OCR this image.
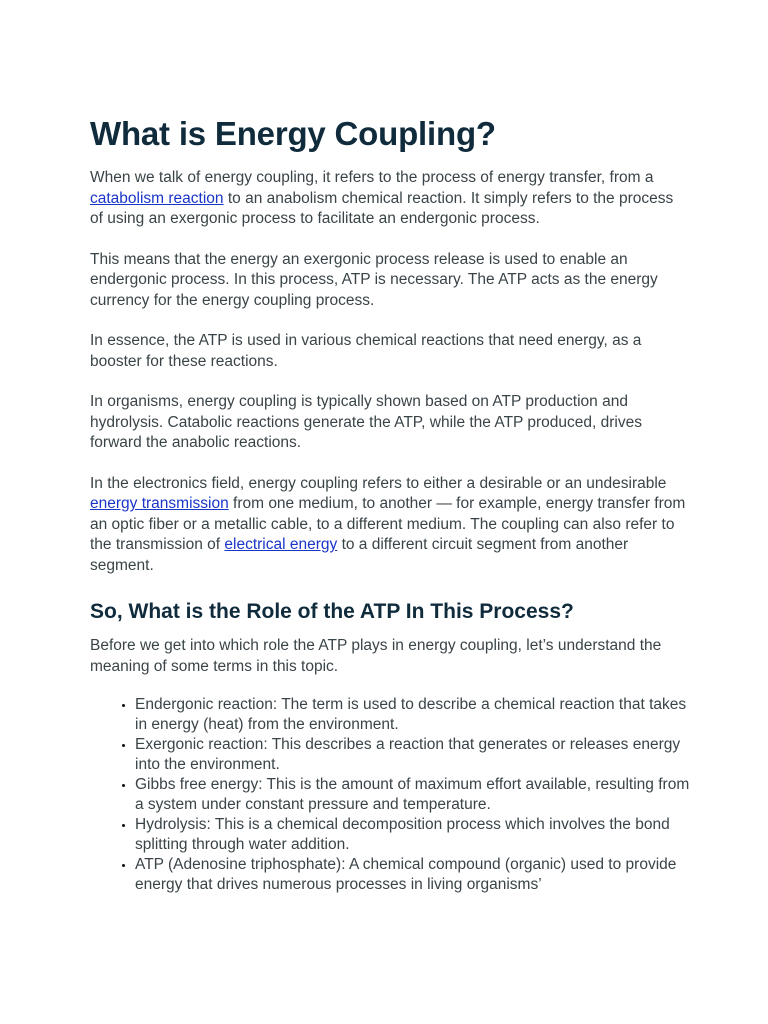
What is Energy Coupling?

When we talk of energy coupling, it refers to the process of energy transfer, from a catabolism reaction to an anabolism chemical reaction. It simply refers to the process of using an exergonic process to facilitate an endergonic process.

This means that the energy an exergonic process release is used to enable an endergonic process. In this process, ATP is necessary. The ATP acts as the energy currency for the energy coupling process.

In essence, the ATP is used in various chemical reactions that need energy, as a booster for these reactions.

In organisms, energy coupling is typically shown based on ATP production and hydrolysis. Catabolic reactions generate the ATP, while the ATP produced, drives forward the anabolic reactions.

In the electronics field, energy coupling refers to either a desirable or an undesirable energy transmission from one medium, to another — for example, energy transfer from an optic fiber or a metallic cable, to a different medium. The coupling can also refer to the transmission of electrical energy to a different circuit segment from another segment.

So, What is the Role of the ATP In This Process?

Before we get into which role the ATP plays in energy coupling, let’s understand the meaning of some terms in this topic.

• Endergonic reaction: The term is used to describe a chemical reaction that takes in energy (heat) from the environment.
• Exergonic reaction: This describes a reaction that generates or releases energy into the environment.
• Gibbs free energy: This is the amount of maximum effort available, resulting from a system under constant pressure and temperature.
• Hydrolysis: This is a chemical decomposition process which involves the bond splitting through water addition.
• ATP (Adenosine triphosphate): A chemical compound (organic) used to provide energy that drives numerous processes in living organisms’
